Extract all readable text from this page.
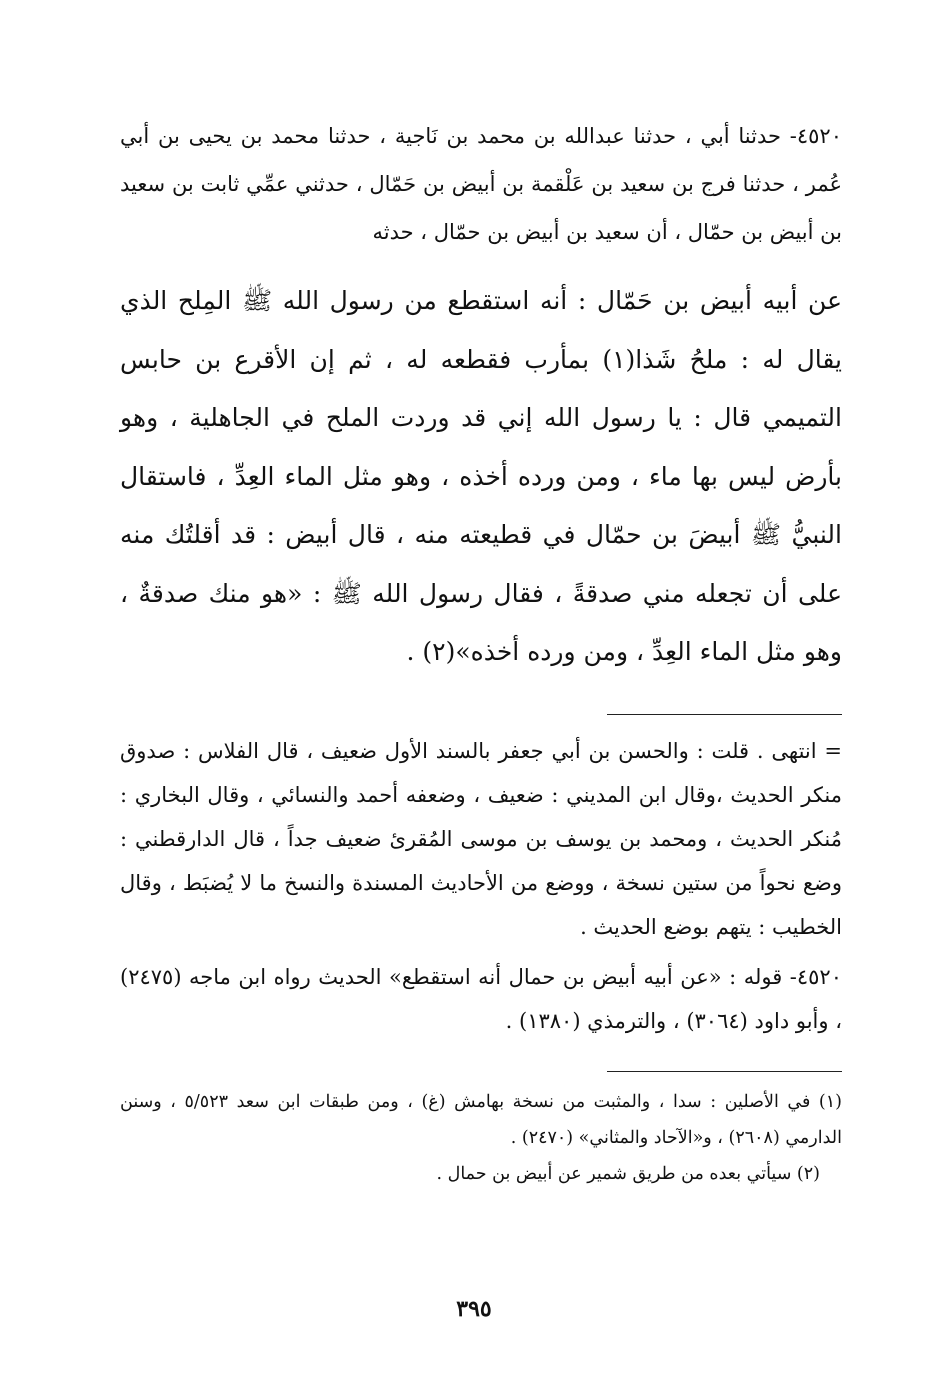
٤٥٢٠- حدثنا أبي ، حدثنا عبدالله بن محمد بن نَاجية ، حدثنا محمد بن يحيى بن أبي عُمر ، حدثنا فرج بن سعيد بن عَلْقمة بن أبيض بن حَمّال ، حدثني عمِّي ثابت بن سعيد بن أبيض بن حمّال ، أن سعيد بن أبيض بن حمّال ، حدثه

عن أبيه أبيض بن حَمّال : أنه استقطع من رسول الله ﷺ المِلح الذي يقال له : ملحُ شَذا(١) بمأرب فقطعه له ، ثم إن الأقرع بن حابس التميمي قال : يا رسول الله إني قد وردت الملح في الجاهلية ، وهو بأرض ليس بها ماء ، ومن ورده أخذه ، وهو مثل الماء العِدِّ ، فاستقال النبيُّ ﷺ أبيضَ بن حمّال في قطيعته منه ، قال أبيض : قد أقلتُك منه على أن تجعله مني صدقةً ، فقال رسول الله ﷺ : «هو منك صدقةٌ ، وهو مثل الماء العِدِّ ، ومن ورده أخذه»(٢) .

= انتهى . قلت : والحسن بن أبي جعفر بالسند الأول ضعيف ، قال الفلاس : صدوق منكر الحديث ،وقال ابن المديني : ضعيف ، وضعفه أحمد والنسائي ، وقال البخاري : مُنكر الحديث ، ومحمد بن يوسف بن موسى المُقرئ ضعيف جداً ، قال الدارقطني : وضع نحواً من ستين نسخة ، ووضع من الأحاديث المسندة والنسخ ما لا يُضبَط ، وقال الخطيب : يتهم بوضع الحديث .

٤٥٢٠- قوله : «عن أبيه أبيض بن حمال أنه استقطع» الحديث رواه ابن ماجه (٢٤٧٥) ، وأبو داود (٣٠٦٤) ، والترمذي (١٣٨٠) .

(١) في الأصلين : سدا ، والمثبت من نسخة بهامش (غ) ، ومن طبقات ابن سعد ٥/٥٢٣ ، وسنن الدارمي (٢٦٠٨) ، و«الآحاد والمثاني» (٢٤٧٠) .

(٢) سيأتي بعده من طريق شمير عن أبيض بن حمال .

٣٩٥
